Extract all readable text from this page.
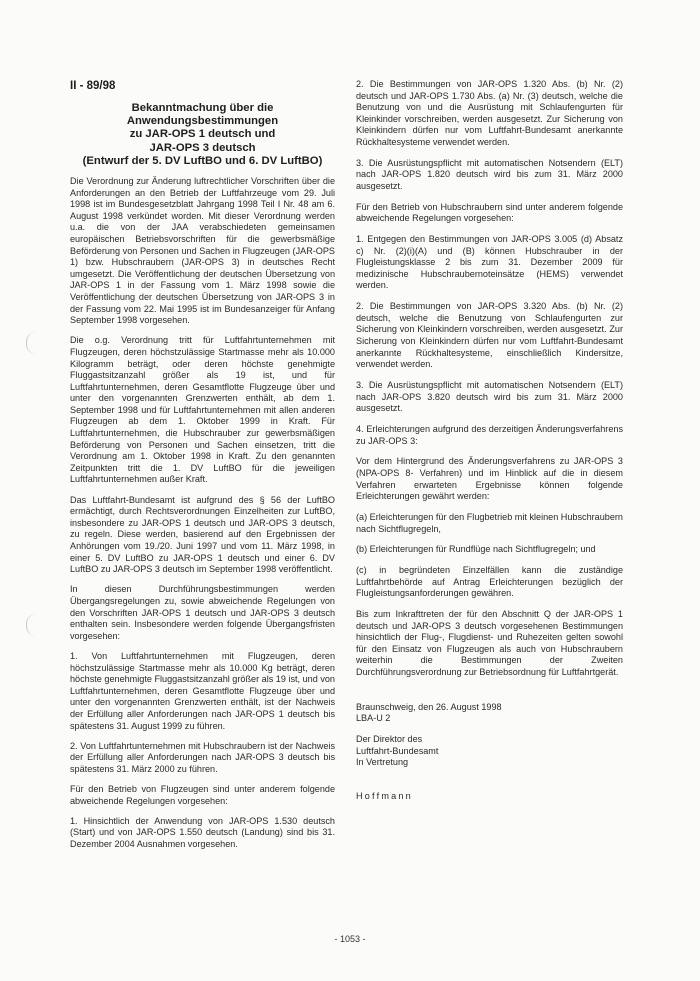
II - 89/98
Bekanntmachung über die
Anwendungsbestimmungen
zu JAR-OPS 1 deutsch und
JAR-OPS 3 deutsch
(Entwurf der 5. DV LuftBO und 6. DV LuftBO)

Die Verordnung zur Änderung luftrechtlicher Vorschriften über die Anforderungen an den Betrieb der Luftfahrzeuge vom 29. Juli 1998 ist im Bundesgesetzblatt Jahrgang 1998 Teil I Nr. 48 am 6. August 1998 verkündet worden. Mit dieser Verordnung werden u.a. die von der JAA verabschiedeten gemeinsamen europäischen Betriebsvorschriften für die gewerbsmäßige Beförderung von Personen und Sachen in Flugzeugen (JAR-OPS 1) bzw. Hubschraubern (JAR-OPS 3) in deutsches Recht umgesetzt. Die Veröffentlichung der deutschen Übersetzung von JAR-OPS 1 in der Fassung vom 1. März 1998 sowie die Veröffentlichung der deutschen Übersetzung von JAR-OPS 3 in der Fassung vom 22. Mai 1995 ist im Bundesanzeiger für Anfang September 1998 vorgesehen.

Die o.g. Verordnung tritt für Luftfahrtunternehmen mit Flugzeugen, deren höchstzulässige Startmasse mehr als 10.000 Kilogramm beträgt, oder deren höchste genehmigte Fluggastsitzanzahl größer als 19 ist, und für Luftfahrtunternehmen, deren Gesamtflotte Flugzeuge über und unter den vorgenannten Grenzwerten enthält, ab dem 1. September 1998 und für Luftfahrtunternehmen mit allen anderen Flugzeugen ab dem 1. Oktober 1999 in Kraft. Für Luftfahrtunternehmen, die Hubschrauber zur gewerbsmäßigen Beförderung von Personen und Sachen einsetzen, tritt die Verordnung am 1. Oktober 1998 in Kraft. Zu den genannten Zeitpunkten tritt die 1. DV LuftBO für die jeweiligen Luftfahrtunternehmen außer Kraft.

Das Luftfahrt-Bundesamt ist aufgrund des § 56 der LuftBO ermächtigt, durch Rechtsverordnungen Einzelheiten zur LuftBO, insbesondere zu JAR-OPS 1 deutsch und JAR-OPS 3 deutsch, zu regeln. Diese werden, basierend auf den Ergebnissen der Anhörungen vom 19./20. Juni 1997 und vom 11. März 1998, in einer 5. DV LuftBO zu JAR-OPS 1 deutsch und einer 6. DV LuftBO zu JAR-OPS 3 deutsch im September 1998 veröffentlicht.

In diesen Durchführungsbestimmungen werden Übergangsregelungen zu, sowie abweichende Regelungen von den Vorschriften JAR-OPS 1 deutsch und JAR-OPS 3 deutsch enthalten sein. Insbesondere werden folgende Übergangsfristen vorgesehen:

1. Von Luftfahrtunternehmen mit Flugzeugen, deren höchstzulässige Startmasse mehr als 10.000 Kg beträgt, deren höchste genehmigte Fluggastsitzanzahl größer als 19 ist, und von Luftfahrtunternehmen, deren Gesamtflotte Flugzeuge über und unter den vorgenannten Grenzwerten enthält, ist der Nachweis der Erfüllung aller Anforderungen nach JAR-OPS 1 deutsch bis spätestens 31. August 1999 zu führen.

2. Von Luftfahrtunternehmen mit Hubschraubern ist der Nachweis der Erfüllung aller Anforderungen nach JAR-OPS 3 deutsch bis spätestens 31. März 2000 zu führen.

Für den Betrieb von Flugzeugen sind unter anderem folgende abweichende Regelungen vorgesehen:

1. Hinsichtlich der Anwendung von JAR-OPS 1.530 deutsch (Start) und von JAR-OPS 1.550 deutsch (Landung) sind bis 31. Dezember 2004 Ausnahmen vorgesehen.

2. Die Bestimmungen von JAR-OPS 1.320 Abs. (b) Nr. (2) deutsch und JAR-OPS 1.730 Abs. (a) Nr. (3) deutsch, welche die Benutzung von und die Ausrüstung mit Schlaufengurten für Kleinkinder vorschreiben, werden ausgesetzt. Zur Sicherung von Kleinkindern dürfen nur vom Luftfahrt-Bundesamt anerkannte Rückhaltesysteme verwendet werden.

3. Die Ausrüstungspflicht mit automatischen Notsendern (ELT) nach JAR-OPS 1.820 deutsch wird bis zum 31. März 2000 ausgesetzt.

Für den Betrieb von Hubschraubern sind unter anderem folgende abweichende Regelungen vorgesehen:

1. Entgegen den Bestimmungen von JAR-OPS 3.005 (d) Absatz c) Nr. (2)(i)(A) und (B) können Hubschrauber in der Flugleistungsklasse 2 bis zum 31. Dezember 2009 für medizinische Hubschraubernoteinsätze (HEMS) verwendet werden.

2. Die Bestimmungen von JAR-OPS 3.320 Abs. (b) Nr. (2) deutsch, welche die Benutzung von Schlaufengurten zur Sicherung von Kleinkindern vorschreiben, werden ausgesetzt. Zur Sicherung von Kleinkindern dürfen nur vom Luftfahrt-Bundesamt anerkannte Rückhaltesysteme, einschließlich Kindersitze, verwendet werden.

3. Die Ausrüstungspflicht mit automatischen Notsendern (ELT) nach JAR-OPS 3.820 deutsch wird bis zum 31. März 2000 ausgesetzt.

4. Erleichterungen aufgrund des derzeitigen Änderungsverfahrens zu JAR-OPS 3:

Vor dem Hintergrund des Änderungsverfahrens zu JAR-OPS 3 (NPA-OPS 8- Verfahren) und im Hinblick auf die in diesem Verfahren erwarteten Ergebnisse können folgende Erleichterungen gewährt werden:

(a) Erleichterungen für den Flugbetrieb mit kleinen Hubschraubern nach Sichtflugregeln,

(b) Erleichterungen für Rundflüge nach Sichtflugregeln; und

(c) in begründeten Einzelfällen kann die zuständige Luftfahrtbehörde auf Antrag Erleichterungen bezüglich der Flugleistungsanforderungen gewähren.

Bis zum Inkrafttreten der für den Abschnitt Q der JAR-OPS 1 deutsch und JAR-OPS 3 deutsch vorgesehenen Bestimmungen hinsichtlich der Flug-, Flugdienst- und Ruhezeiten gelten sowohl für den Einsatz von Flugzeugen als auch von Hubschraubern weiterhin die Bestimmungen der Zweiten Durchführungsverordnung zur Betriebsordnung für Luftfahrtgerät.

Braunschweig, den 26. August 1998
LBA-U 2
Der Direktor des
Luftfahrt-Bundesamt
In Vertretung
Hoffmann
- 1053 -
